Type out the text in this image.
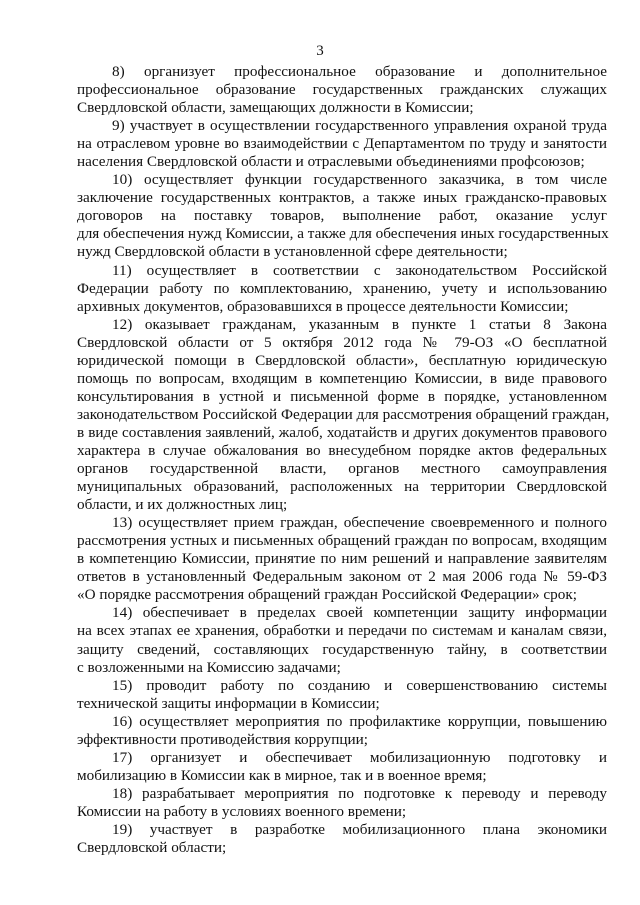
3
8) организует профессиональное образование и дополнительное
профессиональное образование государственных гражданских служащих
Свердловской области, замещающих должности в Комиссии;
9) участвует в осуществлении государственного управления охраной труда
на отраслевом уровне во взаимодействии с Департаментом по труду и занятости
населения Свердловской области и отраслевыми объединениями профсоюзов;
10) осуществляет функции государственного заказчика, в том числе
заключение государственных контрактов, а также иных гражданско-правовых
договоров на поставку товаров, выполнение работ, оказание услуг
для обеспечения нужд Комиссии, а также для обеспечения иных государственных
нужд Свердловской области в установленной сфере деятельности;
11) осуществляет в соответствии с законодательством Российской
Федерации работу по комплектованию, хранению, учету и использованию
архивных документов, образовавшихся в процессе деятельности Комиссии;
12) оказывает гражданам, указанным в пункте 1 статьи 8 Закона
Свердловской области от 5 октября 2012 года № 79-ОЗ «О бесплатной
юридической помощи в Свердловской области», бесплатную юридическую
помощь по вопросам, входящим в компетенцию Комиссии, в виде правового
консультирования в устной и письменной форме в порядке, установленном
законодательством Российской Федерации для рассмотрения обращений граждан,
в виде составления заявлений, жалоб, ходатайств и других документов правового
характера в случае обжалования во внесудебном порядке актов федеральных
органов государственной власти, органов местного самоуправления
муниципальных образований, расположенных на территории Свердловской
области, и их должностных лиц;
13) осуществляет прием граждан, обеспечение своевременного и полного
рассмотрения устных и письменных обращений граждан по вопросам, входящим
в компетенцию Комиссии, принятие по ним решений и направление заявителям
ответов в установленный Федеральным законом от 2 мая 2006 года № 59-ФЗ
«О порядке рассмотрения обращений граждан Российской Федерации» срок;
14) обеспечивает в пределах своей компетенции защиту информации
на всех этапах ее хранения, обработки и передачи по системам и каналам связи,
защиту сведений, составляющих государственную тайну, в соответствии
с возложенными на Комиссию задачами;
15) проводит работу по созданию и совершенствованию системы
технической защиты информации в Комиссии;
16) осуществляет мероприятия по профилактике коррупции, повышению
эффективности противодействия коррупции;
17) организует и обеспечивает мобилизационную подготовку и
мобилизацию в Комиссии как в мирное, так и в военное время;
18) разрабатывает мероприятия по подготовке к переводу и переводу
Комиссии на работу в условиях военного времени;
19) участвует в разработке мобилизационного плана экономики
Свердловской области;
